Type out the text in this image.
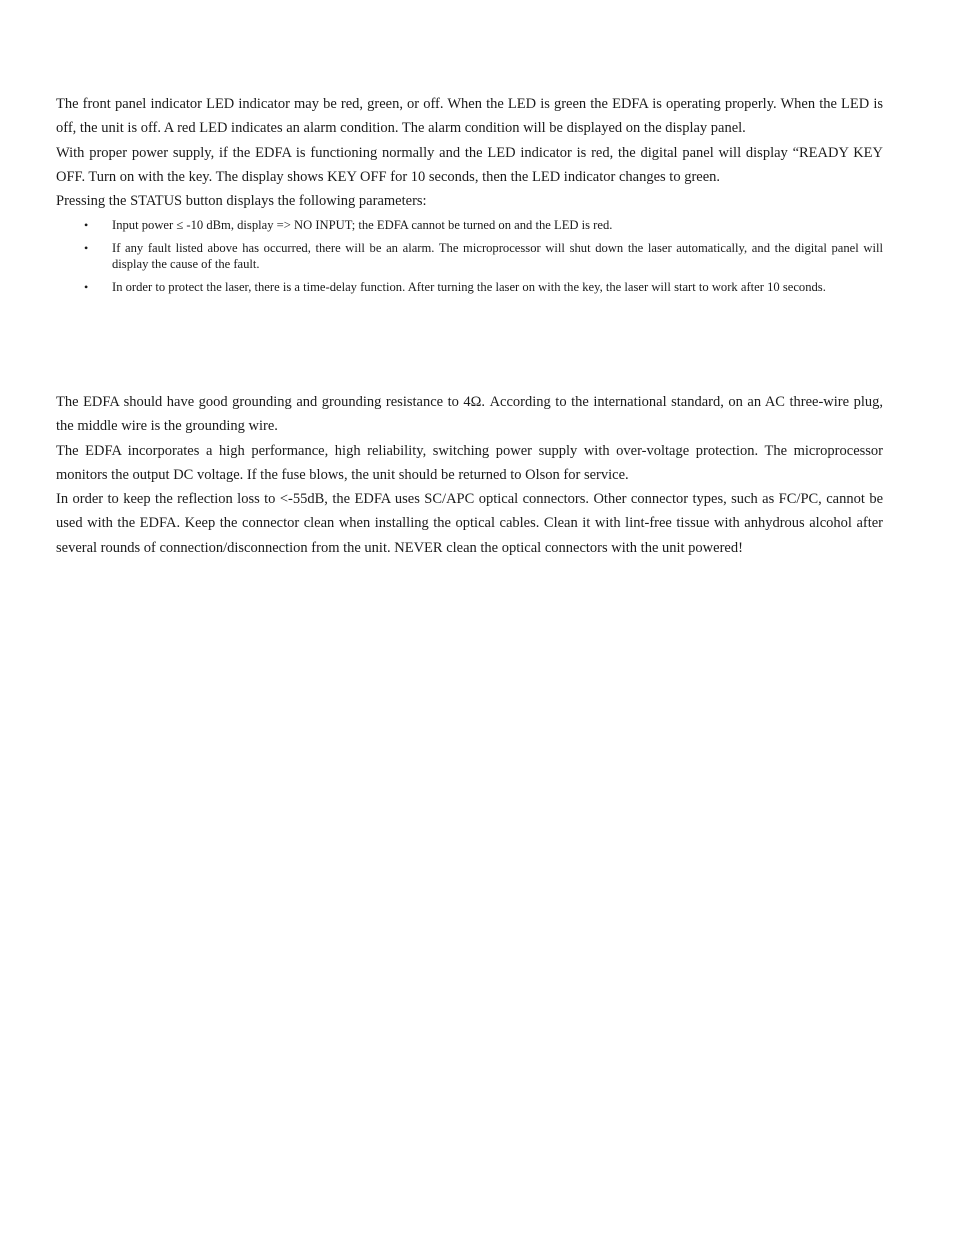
The front panel indicator LED indicator may be red, green, or off. When the LED is green the EDFA is operating properly. When the LED is off, the unit is off. A red LED indicates an alarm condition. The alarm condition will be displayed on the display panel.

With proper power supply, if the EDFA is functioning normally and the LED indicator is red, the digital panel will display “READY KEY OFF. Turn on with the key. The display shows KEY OFF for 10 seconds, then the LED indicator changes to green.

Pressing the STATUS button displays the following parameters:

• Input power ≤ -10 dBm, display => NO INPUT; the EDFA cannot be turned on and the LED is red.
• If any fault listed above has occurred, there will be an alarm. The microprocessor will shut down the laser automatically, and the digital panel will display the cause of the fault.
• In order to protect the laser, there is a time-delay function. After turning the laser on with the key, the laser will start to work after 10 seconds.

The EDFA should have good grounding and grounding resistance to 4Ω. According to the international standard, on an AC three-wire plug, the middle wire is the grounding wire.

The EDFA incorporates a high performance, high reliability, switching power supply with over-voltage protection. The microprocessor monitors the output DC voltage. If the fuse blows, the unit should be returned to Olson for service.

In order to keep the reflection loss to <-55dB, the EDFA uses SC/APC optical connectors. Other connector types, such as FC/PC, cannot be used with the EDFA. Keep the connector clean when installing the optical cables. Clean it with lint-free tissue with anhydrous alcohol after several rounds of connection/disconnection from the unit. NEVER clean the optical connectors with the unit powered!
